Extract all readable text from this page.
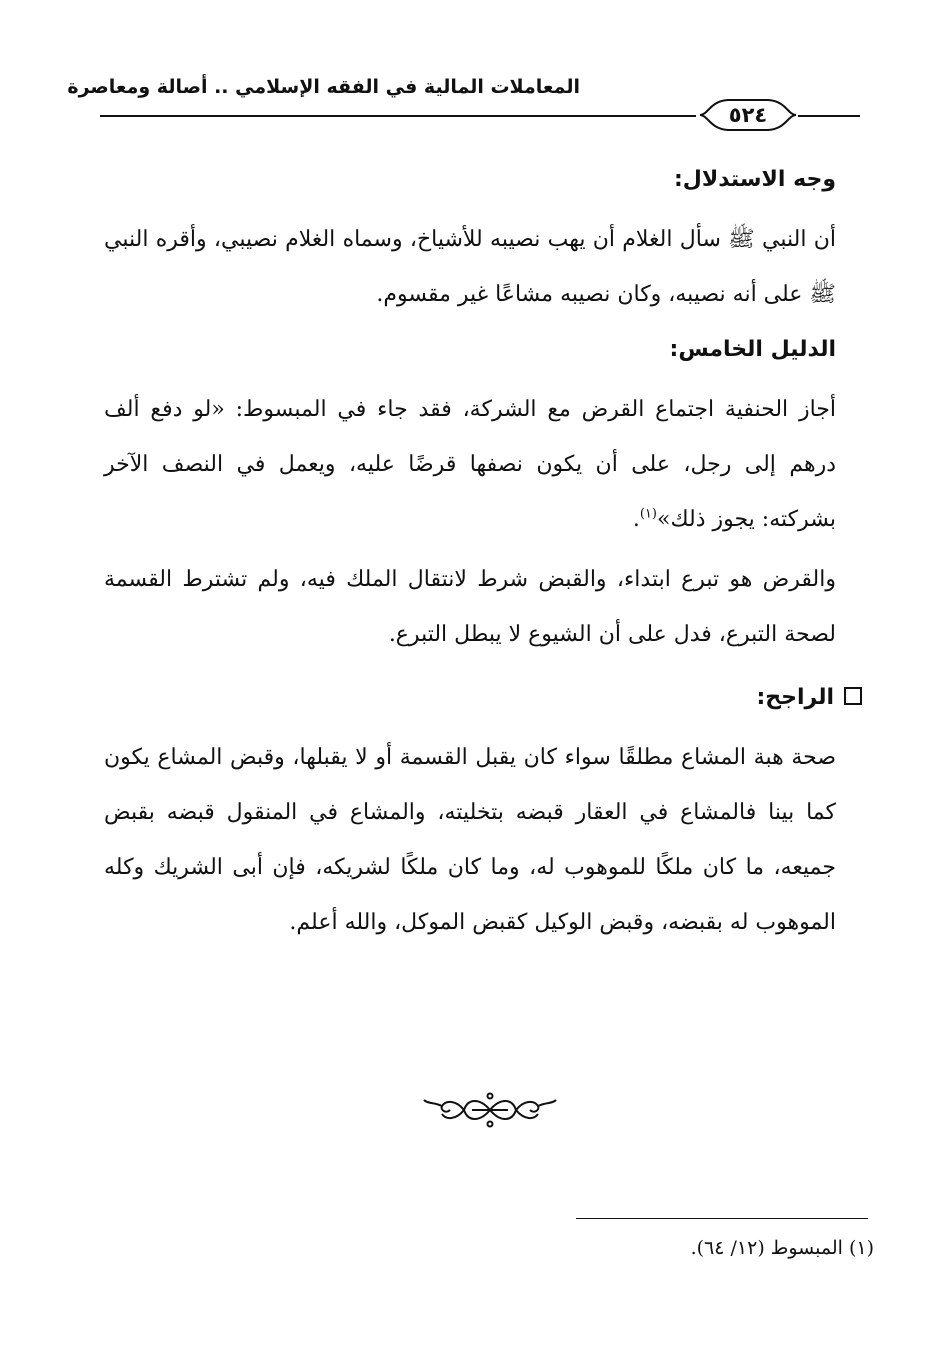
المعاملات المالية في الفقه الإسلامي .. أصالة ومعاصرة
٥٢٤
وجه الاستدلال:
أن النبي ﷺ سأل الغلام أن يهب نصيبه للأشياخ، وسماه الغلام نصيبي، وأقره النبي ﷺ على أنه نصيبه، وكان نصيبه مشاعًا غير مقسوم.
الدليل الخامس:
أجاز الحنفية اجتماع القرض مع الشركة، فقد جاء في المبسوط: «لو دفع ألف درهم إلى رجل، على أن يكون نصفها قرضًا عليه، ويعمل في النصف الآخر بشركته: يجوز ذلك»$^{(١)}$.
والقرض هو تبرع ابتداء، والقبض شرط لانتقال الملك فيه، ولم تشترط القسمة لصحة التبرع، فدل على أن الشيوع لا يبطل التبرع.
الراجح:
صحة هبة المشاع مطلقًا سواء كان يقبل القسمة أو لا يقبلها، وقبض المشاع يكون كما بينا فالمشاع في العقار قبضه بتخليته، والمشاع في المنقول قبضه بقبض جميعه، ما كان ملكًا للموهوب له، وما كان ملكًا لشريكه، فإن أبى الشريك وكله الموهوب له بقبضه، وقبض الوكيل كقبض الموكل، والله أعلم.
(١) المبسوط (١٢/ ٦٤).
